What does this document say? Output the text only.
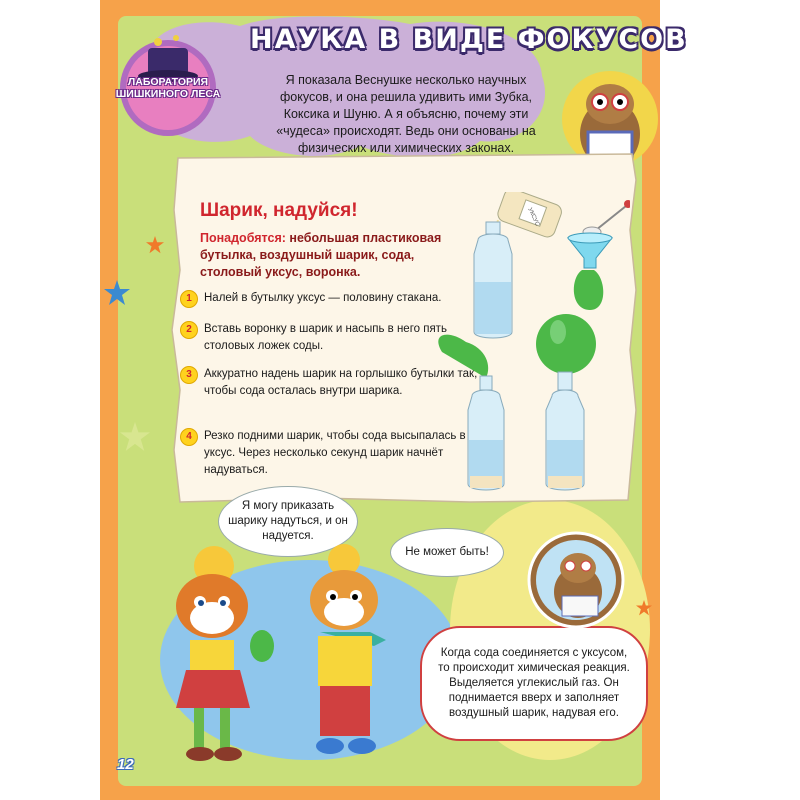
ЛАБОРАТОРИЯ ШИШКИНОГО ЛЕСА
НАУКА В ВИДЕ ФОКУСОВ
Я показала Веснушке несколько научных фокусов, и она решила удивить ими Зубка, Коксика и Шуню. А я объясню, почему эти «чудеса» происходят. Ведь они основаны на физических или химических законах.
Шарик, надуйся!
Понадобятся: небольшая пластиковая бутылка, воздушный шарик, сода, столовый уксус, воронка.
1	Налей в бутылку уксус — половину стакана.
2	Вставь воронку в шарик и насыпь в него пять столовых ложек соды.
3	Аккуратно надень шарик на горлышко бутылки так, чтобы сода осталась внутри шарика.
4	Резко подними шарик, чтобы сода высыпалась в уксус. Через несколько секунд шарик начнёт надуваться.
УКСУС
Я могу приказать шарику надуться, и он надуется.
Не может быть!
Когда сода соединяется с уксусом, то происходит химическая реакция. Выделяется углекислый газ. Он поднимается вверх и заполняет воздушный шарик, надувая его.
12
